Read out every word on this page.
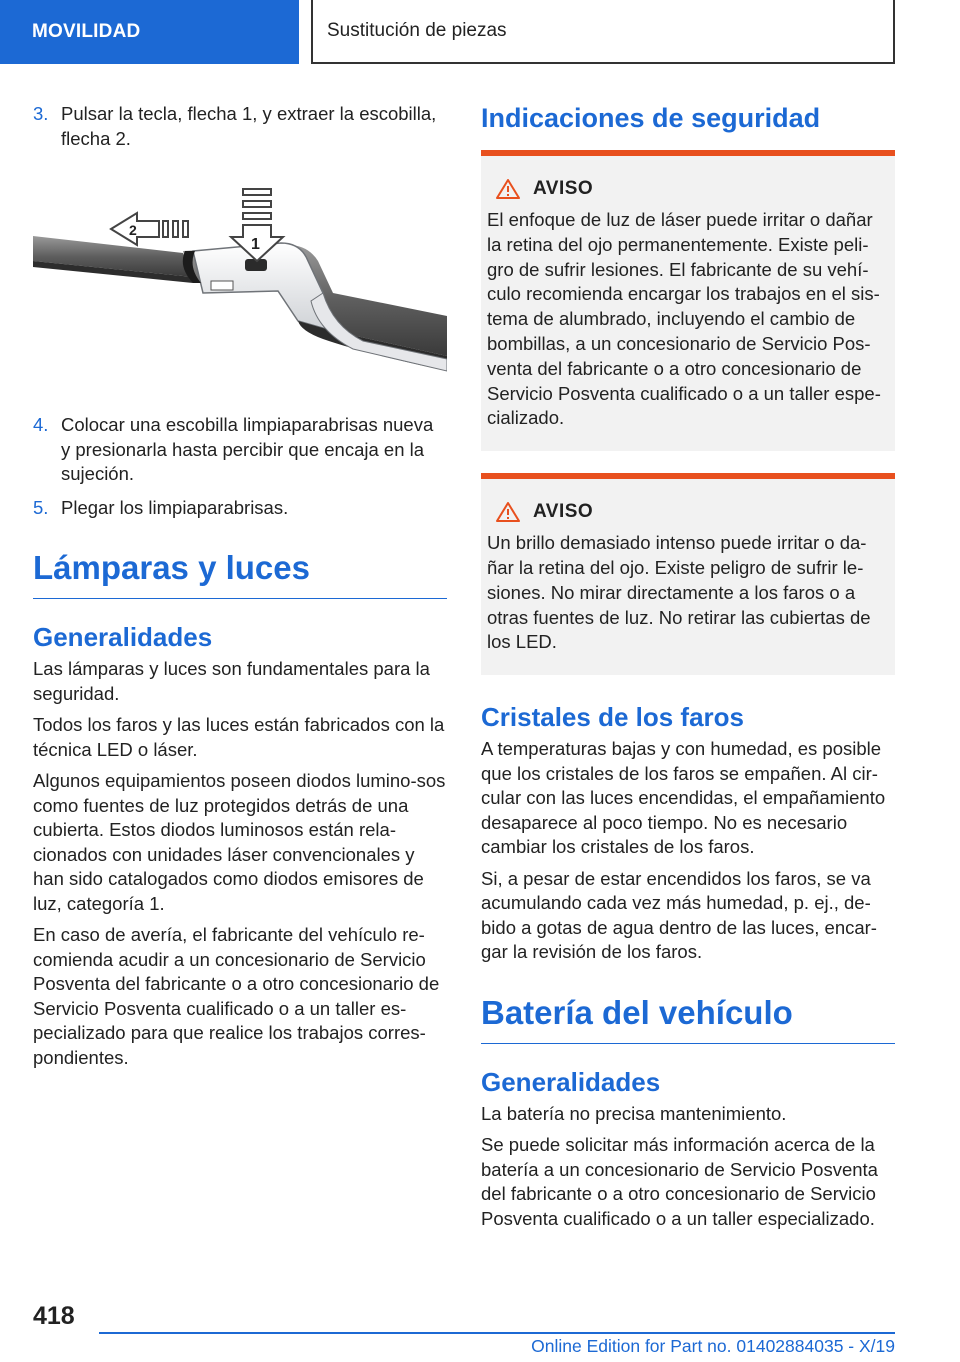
MOVILIDAD	Sustitución de piezas
3. Pulsar la tecla, flecha 1, y extraer la escobilla, flecha 2.
1
2
4. Colocar una escobilla limpiaparabrisas nueva y presionarla hasta percibir que encaja en la sujeción.
5. Plegar los limpiaparabrisas.
Lámparas y luces
Generalidades

Las lámparas y luces son fundamentales para la seguridad.

Todos los faros y las luces están fabricados con la técnica LED o láser.

Algunos equipamientos poseen diodos lumino‐sos como fuentes de luz protegidos detrás de una cubierta. Estos diodos luminosos están rela‐cionados con unidades láser convencionales y han sido catalogados como diodos emisores de luz, categoría 1.

En caso de avería, el fabricante del vehículo re‐comienda acudir a un concesionario de Servicio Posventa del fabricante o a otro concesionario de Servicio Posventa cualificado o a un taller es‐pecializado para que realice los trabajos corres‐pondientes.

Indicaciones de seguridad
AVISO

El enfoque de luz de láser puede irritar o dañar la retina del ojo permanentemente. Existe peli‐gro de sufrir lesiones. El fabricante de su vehí‐culo recomienda encargar los trabajos en el sis‐tema de alumbrado, incluyendo el cambio de bombillas, a un concesionario de Servicio Pos‐venta del fabricante o a otro concesionario de Servicio Posventa cualificado o a un taller espe‐cializado.

AVISO

Un brillo demasiado intenso puede irritar o da‐ñar la retina del ojo. Existe peligro de sufrir le‐siones. No mirar directamente a los faros o a otras fuentes de luz. No retirar las cubiertas de los LED.

Cristales de los faros

A temperaturas bajas y con humedad, es posible que los cristales de los faros se empañen. Al cir‐cular con las luces encendidas, el empañamiento desaparece al poco tiempo. No es necesario cambiar los cristales de los faros.

Si, a pesar de estar encendidos los faros, se va acumulando cada vez más humedad, p. ej., de‐bido a gotas de agua dentro de las luces, encar‐gar la revisión de los faros.

Batería del vehículo
Generalidades

La batería no precisa mantenimiento.

Se puede solicitar más información acerca de la batería a un concesionario de Servicio Posventa del fabricante o a otro concesionario de Servicio Posventa cualificado o a un taller especializado.

418
Online Edition for Part no. 01402884035 - X/19
